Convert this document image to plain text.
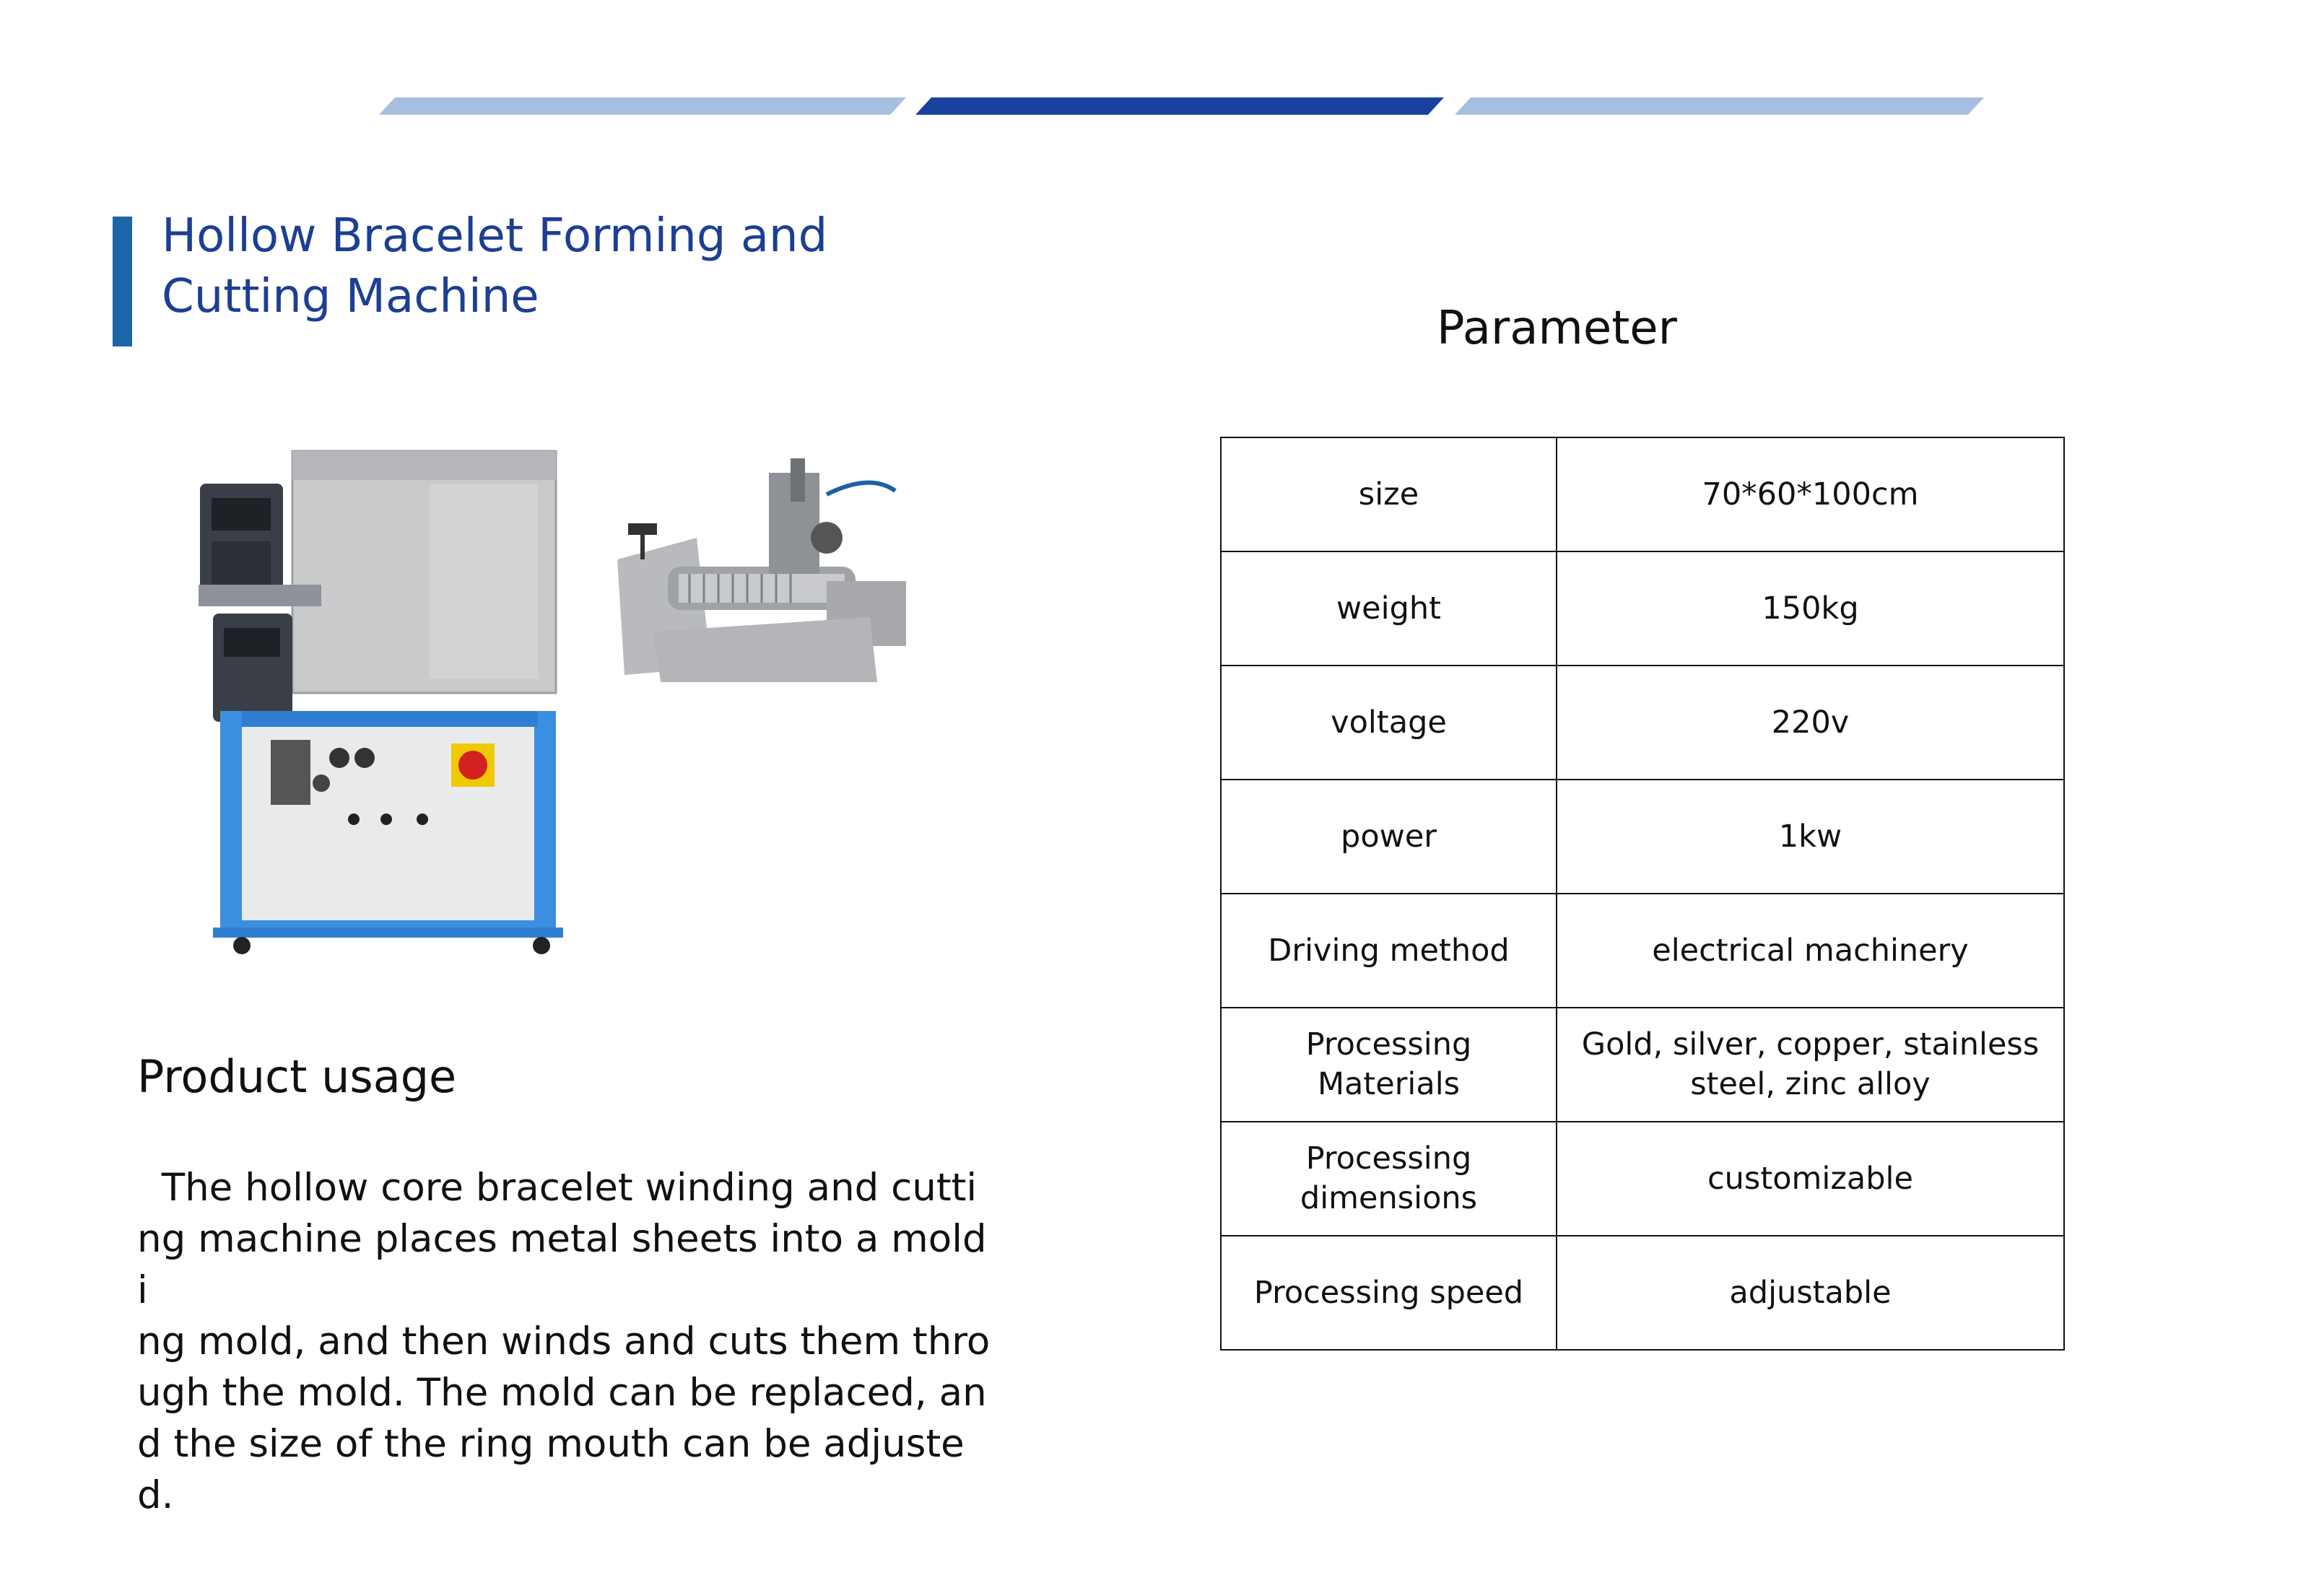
Hollow Bracelet Forming and
Cutting Machine
Product usage
The hollow core bracelet winding and cutti
ng machine places metal sheets into a moldi
ng mold, and then winds and cuts them thro
ugh the mold. The mold can be replaced, an
d the size of the ring mouth can be adjusted.
Parameter
size	70*60*100cm
weight	150kg
voltage	220v
power	1kw
Driving method	electrical machinery
Processing Materials	Gold, silver, copper, stainless steel, zinc alloy
Processing dimensions	customizable
Processing speed	adjustable
